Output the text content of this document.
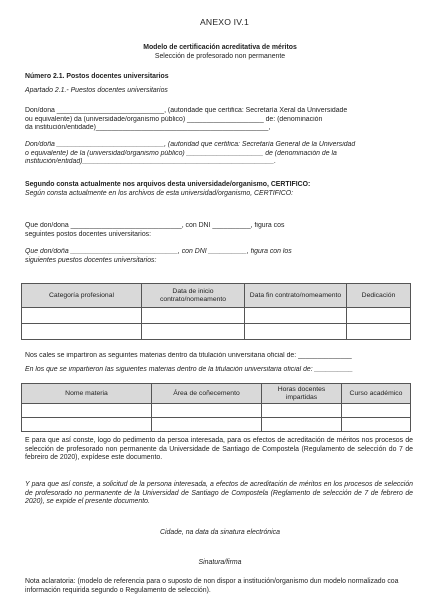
ANEXO IV.1
Modelo de certificación acreditativa de méritos
Selección de profesorado non permanente
Número 2.1. Postos docentes universitarios
Apartado 2.1.- Puestos docentes universitarios
Don/dona ____________________________, (autoridade que certifica: Secretaría Xeral da Universidade
ou equivalente) da (universidade/organismo público) ____________________ de: (denominación
da institución/entidade)_____________________________________________,
Don/doña ____________________________, (autoridad que certifica: Secretaría General de la Universidad
o equivalente) de la (universidad/organismo público) ____________________ de (denominación de la
institución/entidad)__________________________________________________.
Segundo consta actualmente nos arquivos desta universidade/organismo, CERTIFICO:
Según consta actualmente en los archivos de esta universidad/organismo, CERTIFICO:
Que don/dona _____________________________, con DNI __________, figura cos
seguintes postos docentes universitarios:
Que don/doña ____________________________, con DNI __________, figura con los
siguientes puestos docentes universitarios:
Categoría profesional	Data de inicio contrato/nomeamento	Data fin contrato/nomeamento	Dedicación

Nos cales se impartiron as seguintes materias dentro da titulación universitaria oficial de: ______________
En los que se impartieron las siguientes materias dentro de la titulación universitaria oficial de: __________
Nome materia	Área de coñecemento	Horas docentes impartidas	Curso académico

E para que así conste, logo do pedimento da persoa interesada, para os efectos de acreditación de méritos nos procesos de selección de profesorado non permanente da Universidade de Santiago de Compostela (Regulamento de selección do 7 de febreiro de 2020), expídese este documento.
Y para que así conste, a solicitud de la persona interesada, a efectos de acreditación de méritos en los procesos de selección de profesorado no permanente de la Universidad de Santiago de Compostela (Reglamento de selección de 7 de febrero de 2020), se expide el presente documento.
Cidade, na data da sinatura electrónica
Sinatura/firma
Nota aclaratoria: (modelo de referencia para o suposto de non dispor a institución/organismo dun modelo normalizado coa información requirida segundo o Regulamento de selección).
